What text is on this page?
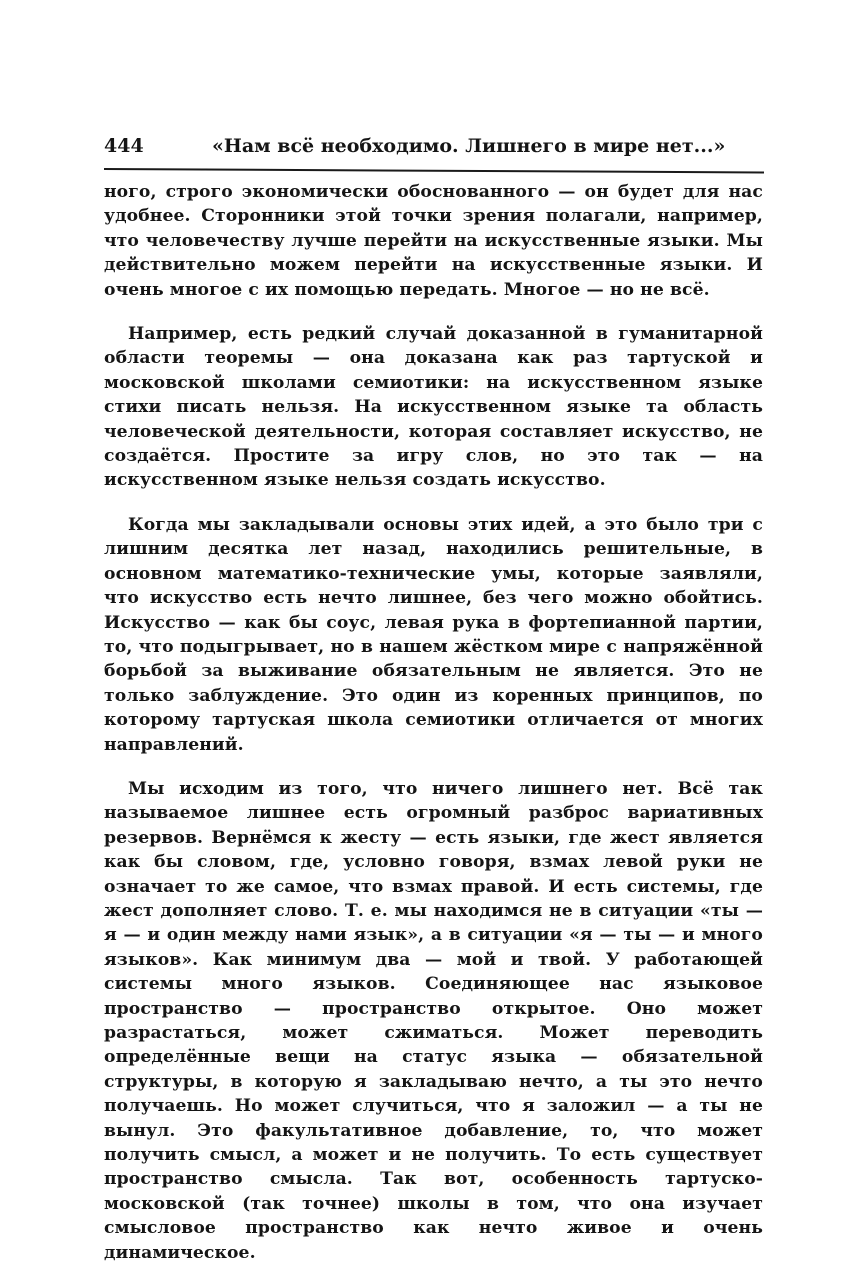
444	«Нам всё необходимо. Лишнего в мире нет...»

ного, строго экономически обоснованного — он будет для нас удобнее. Сторонники этой точки зрения полагали, например, что человечеству лучше перейти на искусственные языки. Мы действительно можем перейти на искусственные языки. И очень многое с их помощью передать. Многое — но не всё.

Например, есть редкий случай доказанной в гуманитарной области теоремы — она доказана как раз тартуской и московской школами семиотики: на искусственном языке стихи писать нельзя. На искусственном языке та область человеческой деятельности, которая составляет искусство, не создаётся. Простите за игру слов, но это так — на искусственном языке нельзя создать искусство.

Когда мы закладывали основы этих идей, а это было три с лишним десятка лет назад, находились решительные, в основном математико-технические умы, которые заявляли, что искусство есть нечто лишнее, без чего можно обойтись. Искусство — как бы соус, левая рука в фортепианной партии, то, что подыгрывает, но в нашем жёстком мире с напряжённой борьбой за выживание обязательным не является. Это не только заблуждение. Это один из коренных принципов, по которому тартуская школа семиотики отличается от многих направлений.

Мы исходим из того, что ничего лишнего нет. Всё так называемое лишнее есть огромный разброс вариативных резервов. Вернёмся к жесту — есть языки, где жест является как бы словом, где, условно говоря, взмах левой руки не означает то же самое, что взмах правой. И есть системы, где жест дополняет слово. Т. е. мы находимся не в ситуации «ты — я — и один между нами язык», а в ситуации «я — ты — и много языков». Как минимум два — мой и твой. У работающей системы много языков. Соединяющее нас языковое пространство — пространство открытое. Оно может разрастаться, может сжиматься. Может переводить определённые вещи на статус языка — обязательной структуры, в которую я закладываю нечто, а ты это нечто получаешь. Но может случиться, что я заложил — а ты не вынул. Это факультативное добавление, то, что может получить смысл, а может и не получить. То есть существует пространство смысла. Так вот, особенность тартуско-московской (так точнее) школы в том, что она изучает смысловое пространство как нечто живое и очень динамическое.
